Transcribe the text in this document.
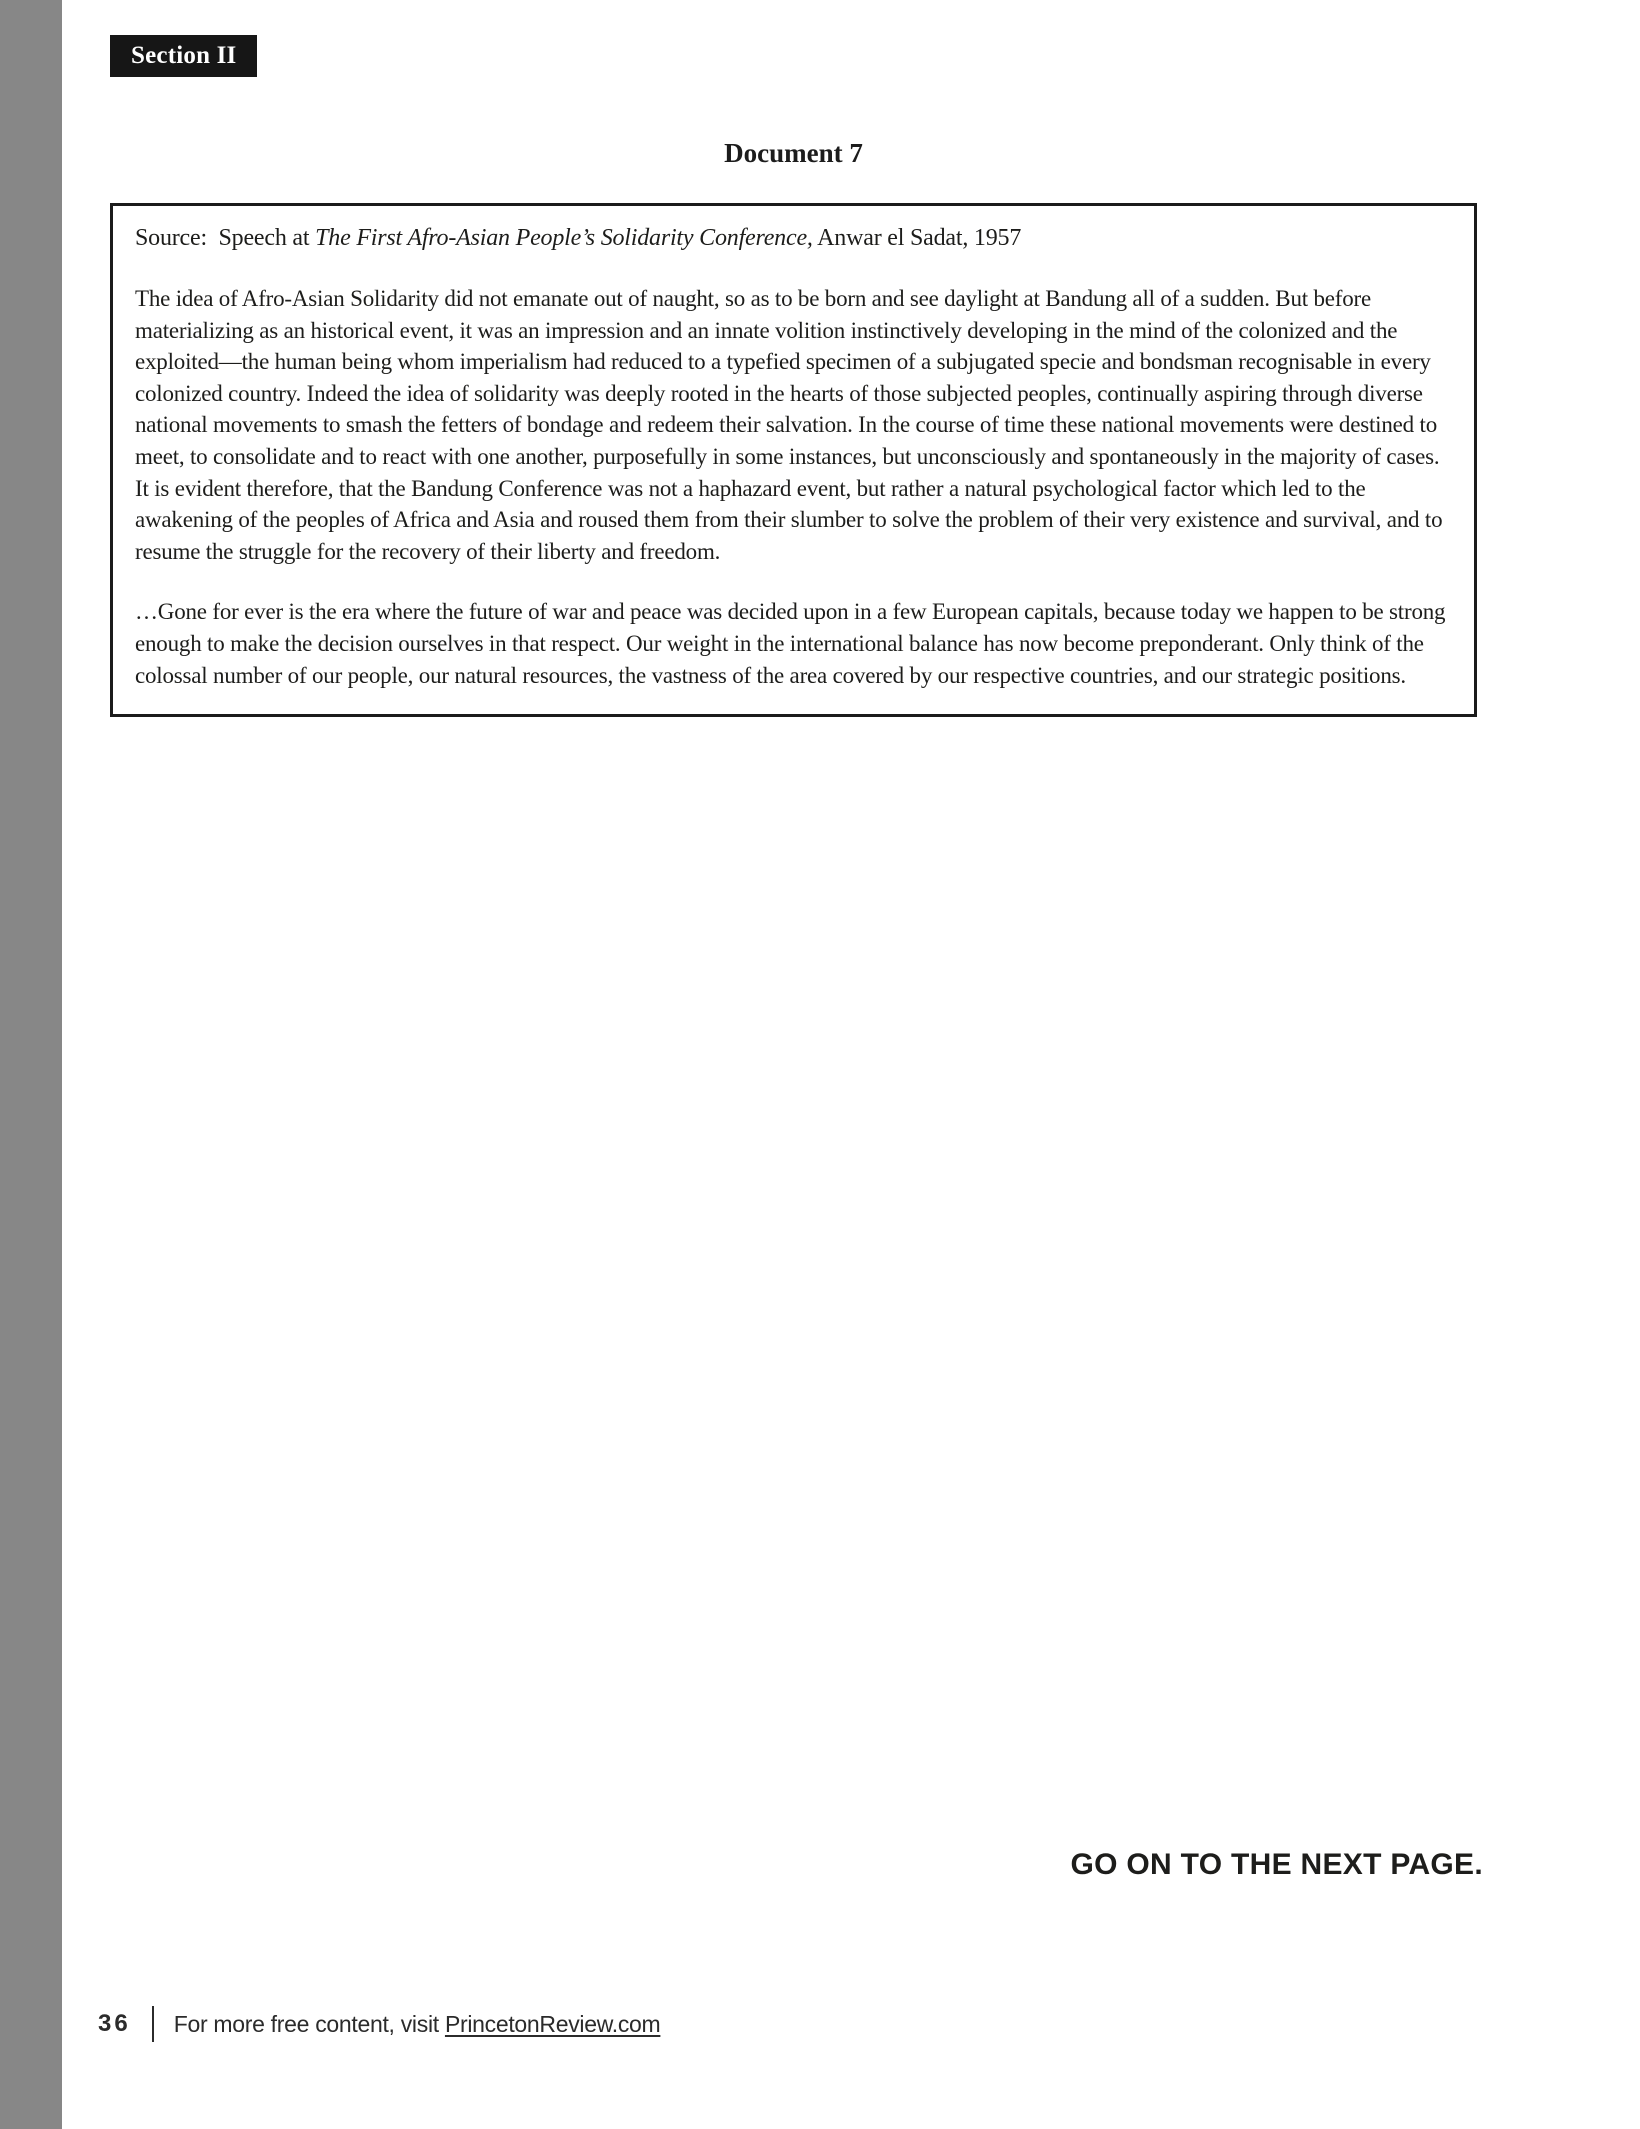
Section II
Document 7

Source:  Speech at The First Afro-Asian People’s Solidarity Conference, Anwar el Sadat, 1957

The idea of Afro-Asian Solidarity did not emanate out of naught, so as to be born and see daylight at Bandung all of a sudden. But before materializing as an historical event, it was an impression and an innate volition instinctively developing in the mind of the colonized and the exploited—the human being whom imperialism had reduced to a typefied specimen of a subjugated specie and bondsman recognisable in every colonized country. Indeed the idea of solidarity was deeply rooted in the hearts of those subjected peoples, continually aspiring through diverse national movements to smash the fetters of bondage and redeem their salvation. In the course of time these national movements were destined to meet, to consolidate and to react with one another, purposefully in some instances, but unconsciously and spontaneously in the majority of cases. It is evident therefore, that the Bandung Conference was not a haphazard event, but rather a natural psychological factor which led to the awakening of the peoples of Africa and Asia and roused them from their slumber to solve the problem of their very existence and survival, and to resume the struggle for the recovery of their liberty and freedom.

…Gone for ever is the era where the future of war and peace was decided upon in a few European capitals, because today we happen to be strong enough to make the decision ourselves in that respect. Our weight in the international balance has now become preponderant. Only think of the colossal number of our people, our natural resources, the vastness of the area covered by our respective countries, and our strategic positions.

GO ON TO THE NEXT PAGE.
36 For more free content, visit PrincetonReview.com
